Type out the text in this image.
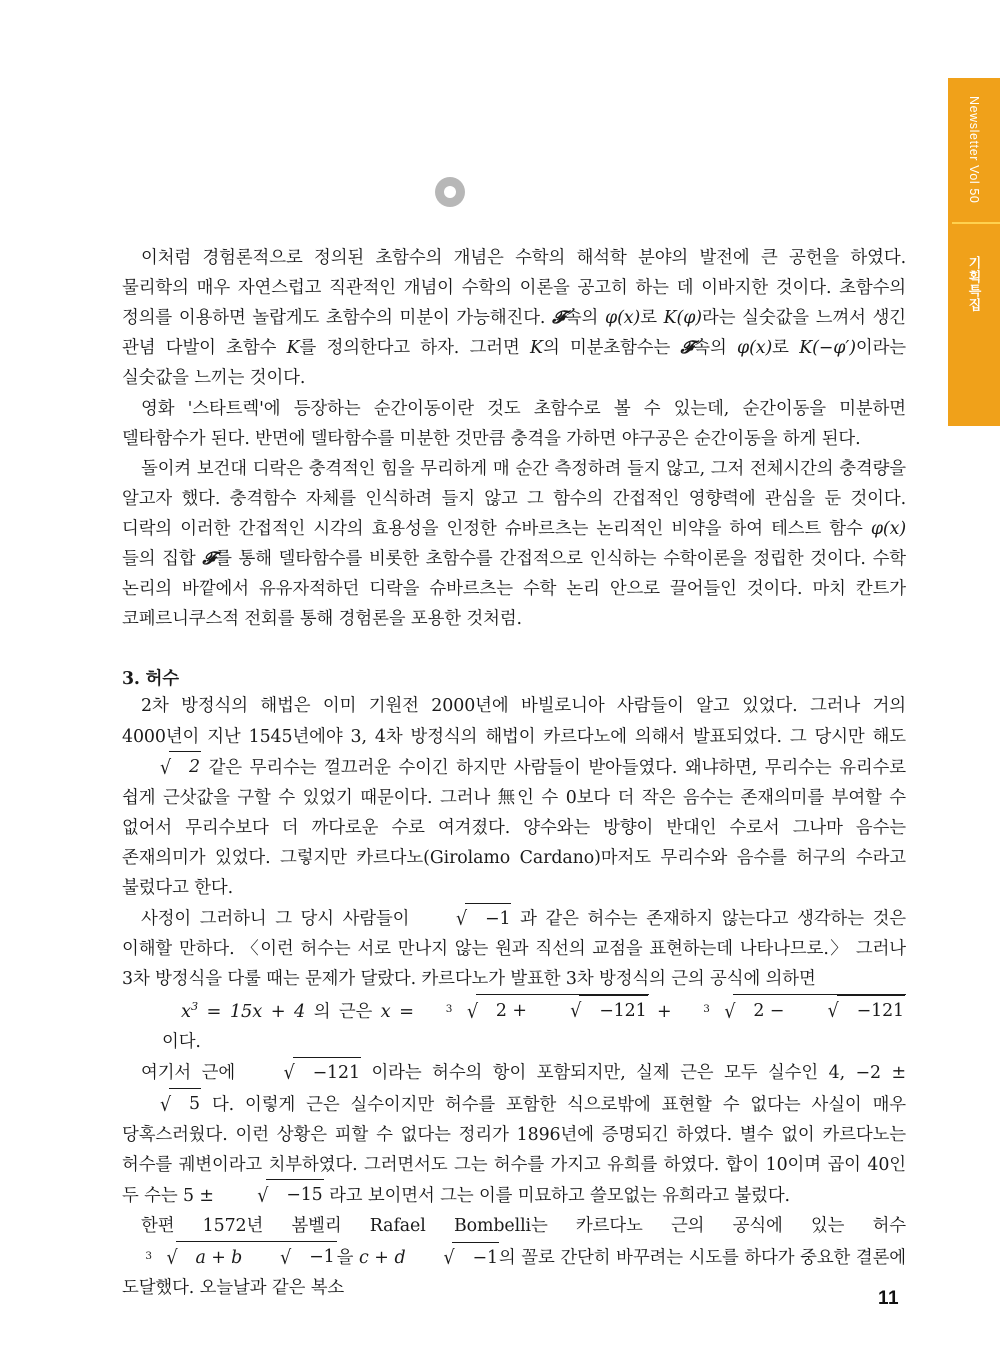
Newsletter Vol 50
기획특집

이처럼 경험론적으로 정의된 초함수의 개념은 수학의 해석학 분야의 발전에 큰 공헌을 하였다. 물리학의 매우 자연스럽고 직관적인 개념이 수학의 이론을 공고히 하는 데 이바지한 것이다. 초함수의 정의를 이용하면 놀랍게도 초함수의 미분이 가능해진다. 𝓕속의 φ(x)로 K(φ)라는 실숫값을 느껴서 생긴 관념 다발이 초함수 K를 정의한다고 하자. 그러면 K의 미분초함수는 𝓕속의 φ(x)로 K(−φ′)이라는 실숫값을 느끼는 것이다.

영화 '스타트렉'에 등장하는 순간이동이란 것도 초함수로 볼 수 있는데, 순간이동을 미분하면 델타함수가 된다. 반면에 델타함수를 미분한 것만큼 충격을 가하면 야구공은 순간이동을 하게 된다.

돌이켜 보건대 디락은 충격적인 힘을 무리하게 매 순간 측정하려 들지 않고, 그저 전체시간의 충격량을 알고자 했다. 충격함수 자체를 인식하려 들지 않고 그 함수의 간접적인 영향력에 관심을 둔 것이다. 디락의 이러한 간접적인 시각의 효용성을 인정한 슈바르츠는 논리적인 비약을 하여 테스트 함수 φ(x)들의 집합 𝓕를 통해 델타함수를 비롯한 초함수를 간접적으로 인식하는 수학이론을 정립한 것이다. 수학 논리의 바깥에서 유유자적하던 디락을 슈바르츠는 수학 논리 안으로 끌어들인 것이다. 마치 칸트가 코페르니쿠스적 전회를 통해 경험론을 포용한 것처럼.

3. 허수

2차 방정식의 해법은 이미 기원전 2000년에 바빌로니아 사람들이 알고 있었다. 그러나 거의 4000년이 지난 1545년에야 3, 4차 방정식의 해법이 카르다노에 의해서 발표되었다. 그 당시만 해도 √ 2 같은 무리수는 껄끄러운 수이긴 하지만 사람들이 받아들였다. 왜냐하면, 무리수는 유리수로 쉽게 근삿값을 구할 수 있었기 때문이다. 그러나 無인 수 0보다 더 작은 음수는 존재의미를 부여할 수 없어서 무리수보다 더 까다로운 수로 여겨졌다. 양수와는 방향이 반대인 수로서 그나마 음수는 존재의미가 있었다. 그렇지만 카르다노(Girolamo Cardano)마저도 무리수와 음수를 허구의 수라고 불렀다고 한다.

사정이 그러하니 그 당시 사람들이 √ −1 과 같은 허수는 존재하지 않는다고 생각하는 것은 이해할 만하다. 〈이런 허수는 서로 만나지 않는 원과 직선의 교점을 표현하는데 나타나므로.〉 그러나 3차 방정식을 다룰 때는 문제가 달랐다. 카르다노가 발표한 3차 방정식의 근의 공식에 의하면

$x^3 = 15x + 4$ 의 근은 x = $^3$ √ 2 + √ −121 + $^3$ √ 2 − √ −121 이다.

여기서 근에 √ −121 이라는 허수의 항이 포함되지만, 실제 근은 모두 실수인 4, −2 ± √ 5 다. 이렇게 근은 실수이지만 허수를 포함한 식으로밖에 표현할 수 없다는 사실이 매우 당혹스러웠다. 이런 상황은 피할 수 없다는 정리가 1896년에 증명되긴 하였다. 별수 없이 카르다노는 허수를 궤변이라고 치부하였다. 그러면서도 그는 허수를 가지고 유희를 하였다. 합이 10이며 곱이 40인 두 수는 5 ± √ −15 라고 보이면서 그는 이를 미묘하고 쓸모없는 유희라고 불렀다.

한편 1572년 봄벨리 Rafael Bombelli는 카르다노 근의 공식에 있는 허수 $^3$ √ a + b √ −1 을 c + d √ −1의 꼴로 간단히 바꾸려는 시도를 하다가 중요한 결론에 도달했다. 오늘날과 같은 복소	11
